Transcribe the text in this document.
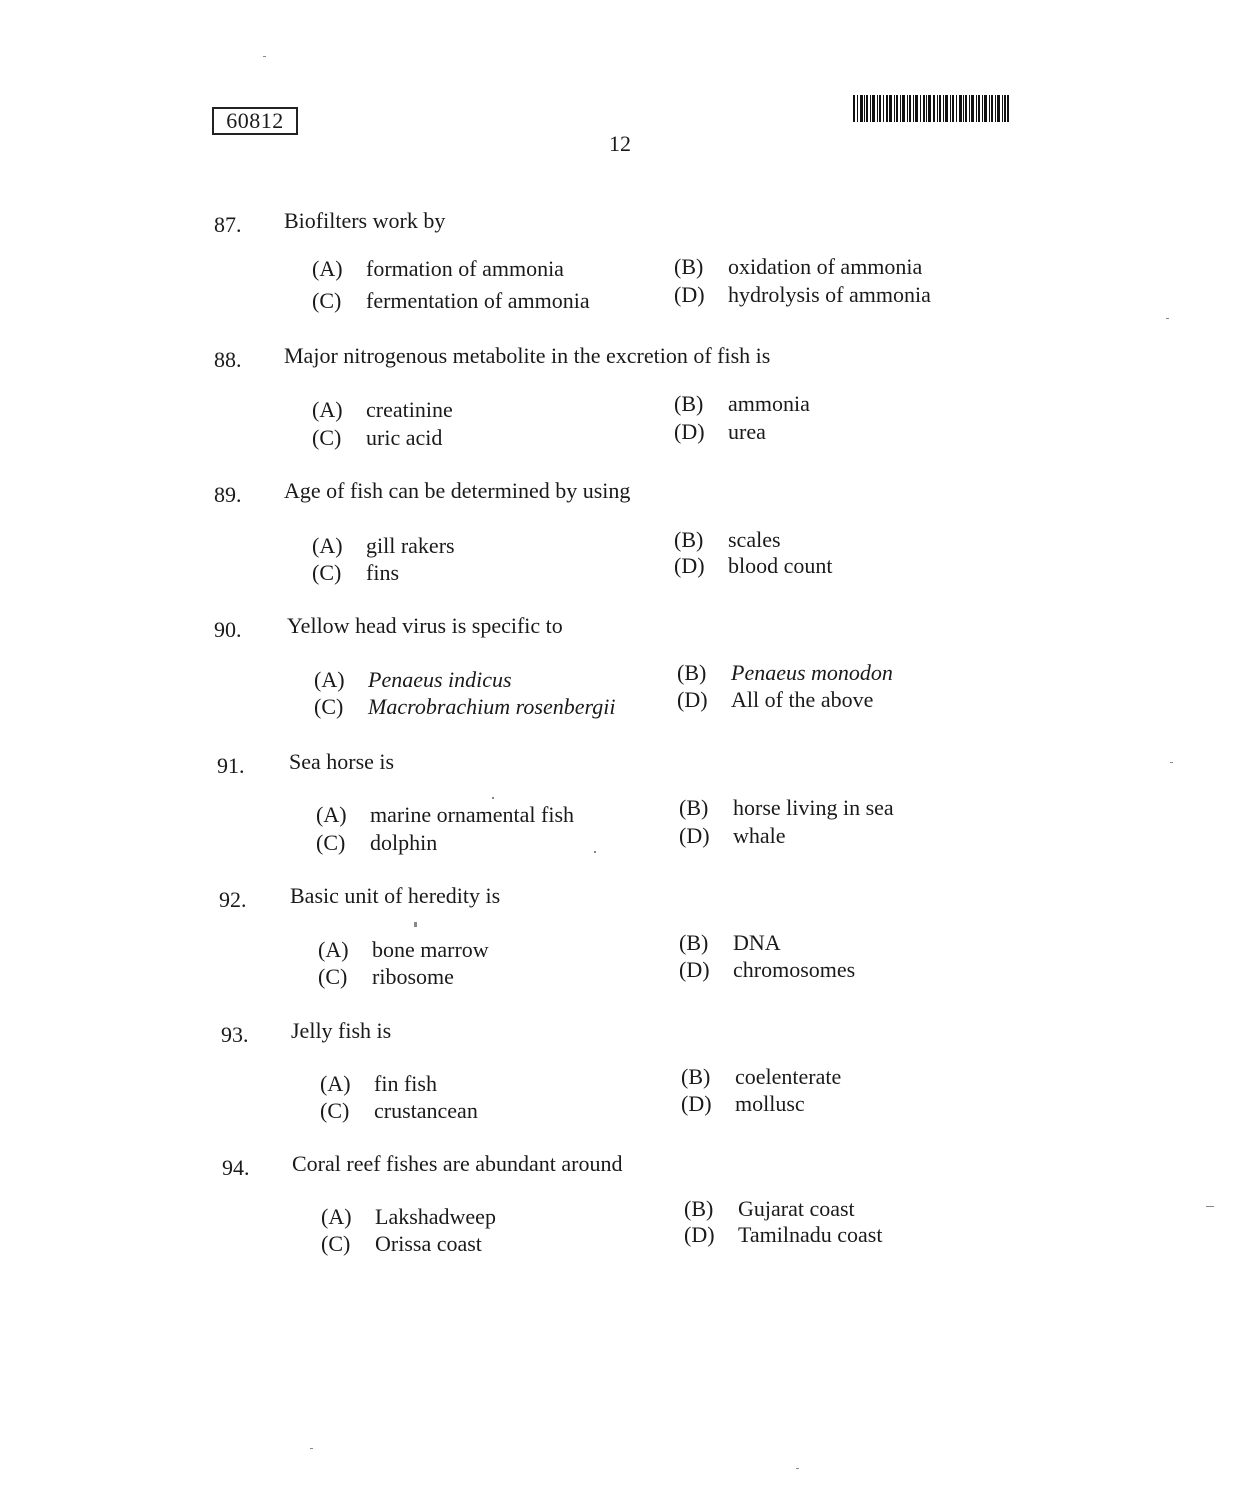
60812
12
87. Biofilters work by
(A) formation of ammonia	(B) oxidation of ammonia
(C) fermentation of ammonia	(D) hydrolysis of ammonia
88. Major nitrogenous metabolite in the excretion of fish is
(A) creatinine	(B) ammonia
(C) uric acid	(D) urea
89. Age of fish can be determined by using
(A) gill rakers	(B) scales
(C) fins	(D) blood count
90. Yellow head virus is specific to
(A) Penaeus indicus	(B) Penaeus monodon
(C) Macrobrachium rosenbergii	(D) All of the above
91. Sea horse is
(A) marine ornamental fish	(B) horse living in sea
(C) dolphin	(D) whale
92. Basic unit of heredity is
(A) bone marrow	(B) DNA
(C) ribosome	(D) chromosomes
93. Jelly fish is
(A) fin fish	(B) coelenterate
(C) crustancean	(D) mollusc
94. Coral reef fishes are abundant around
(A) Lakshadweep	(B) Gujarat coast
(C) Orissa coast	(D) Tamilnadu coast
